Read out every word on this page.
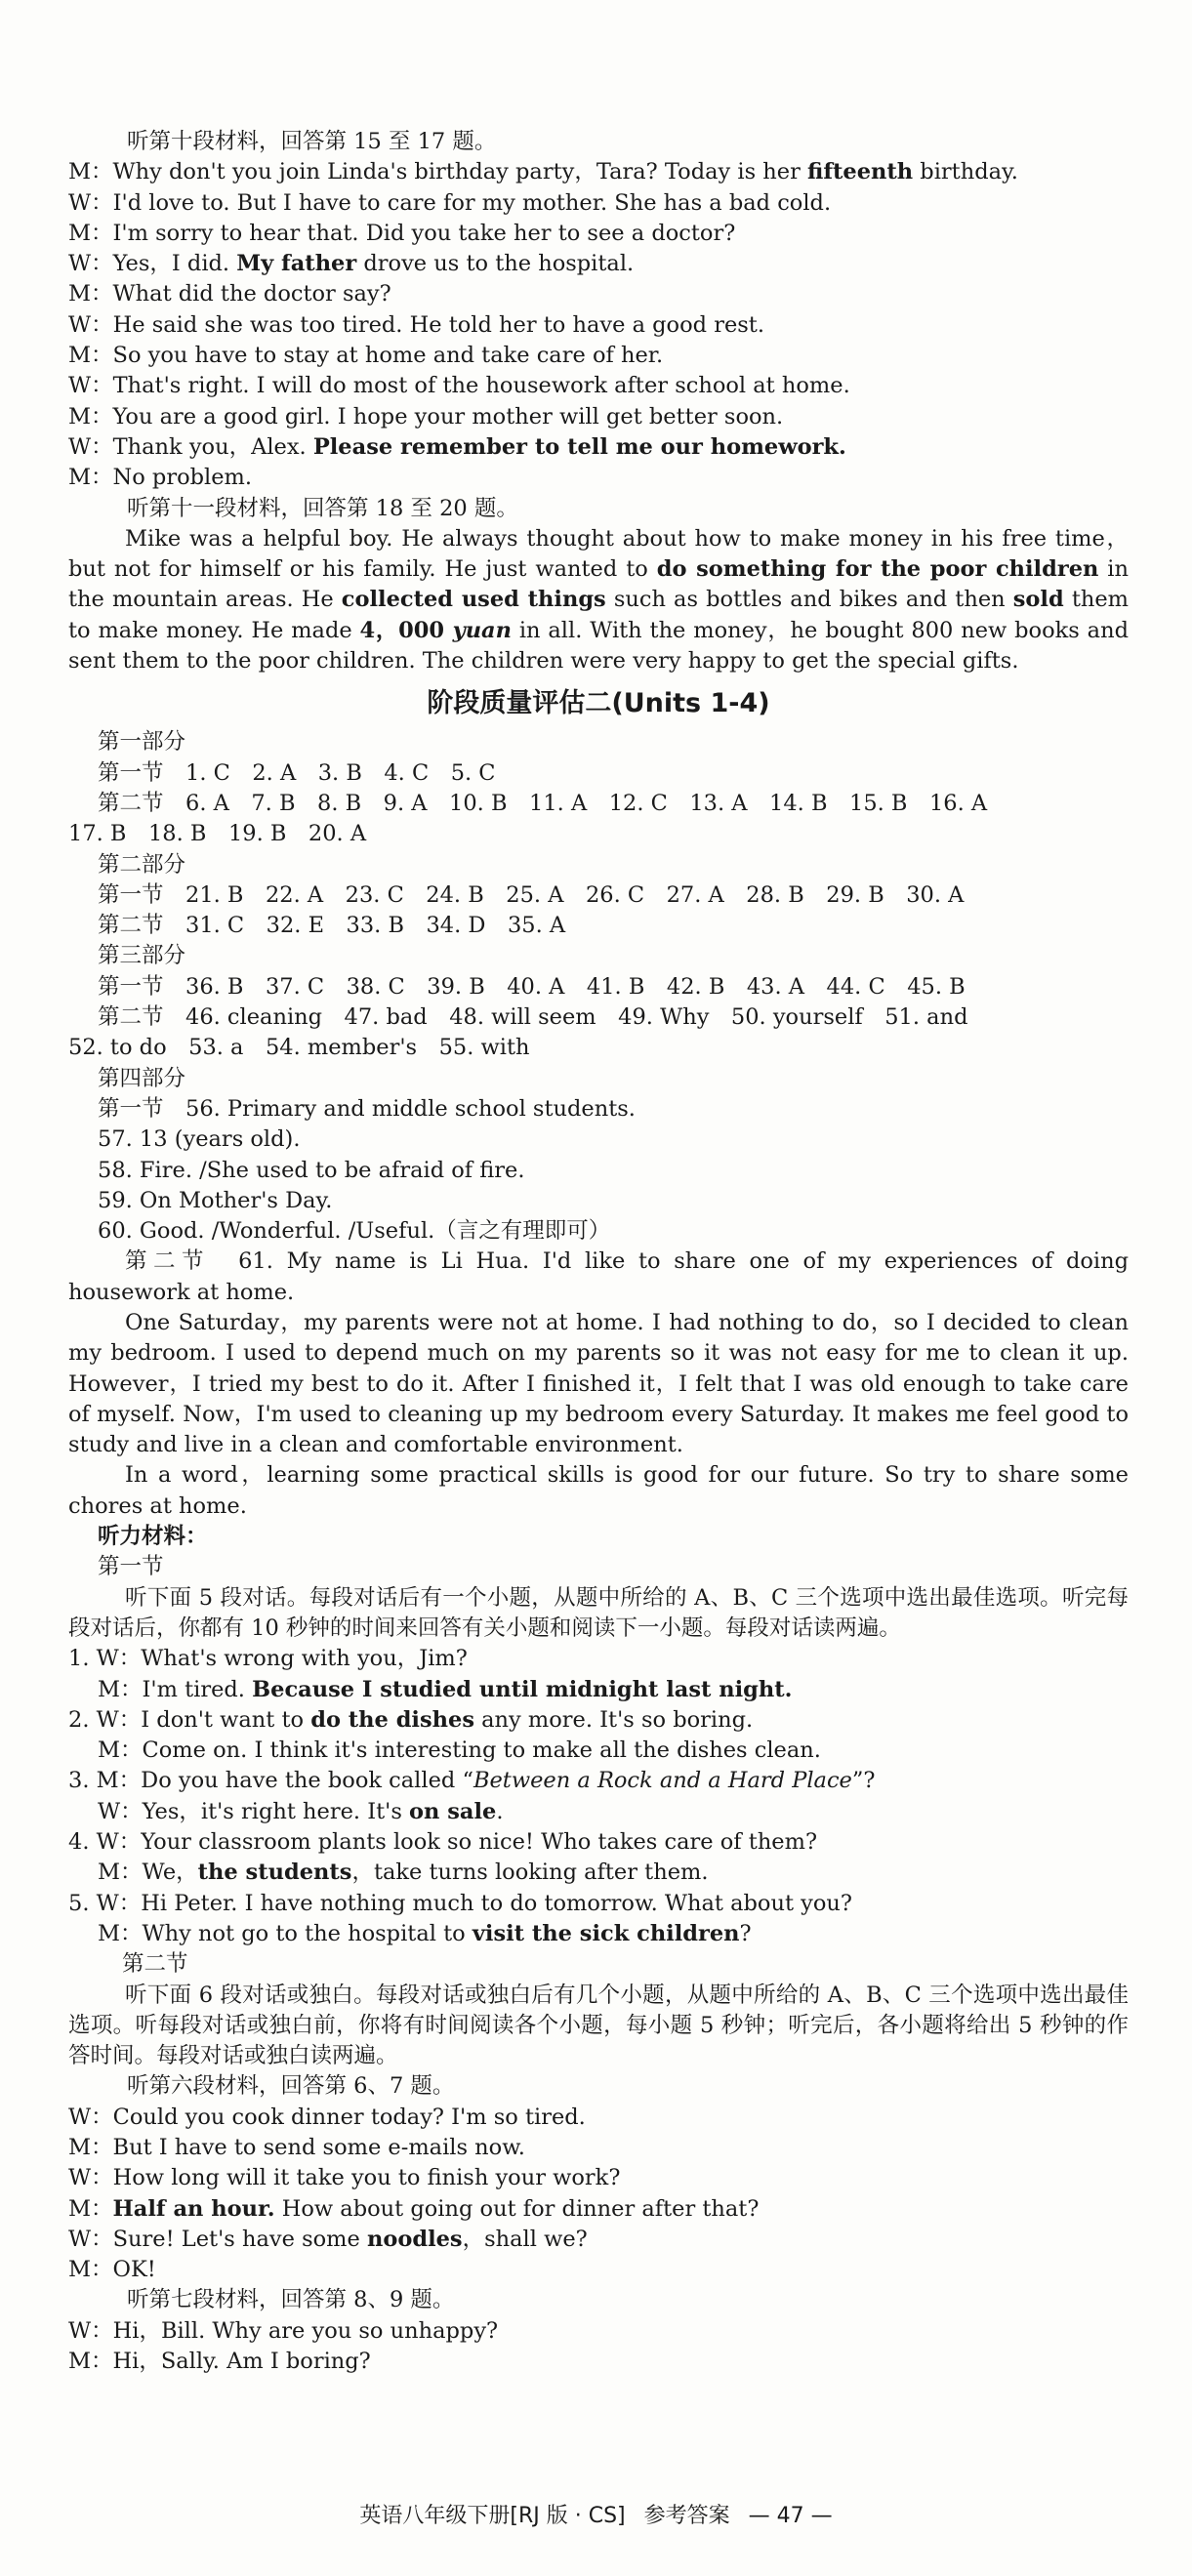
听第十段材料，回答第 15 至 17 题。

M：Why don't you join Linda's birthday party，Tara? Today is her fifteenth birthday.

W：I'd love to. But I have to care for my mother. She has a bad cold.

M：I'm sorry to hear that. Did you take her to see a doctor?

W：Yes，I did. My father drove us to the hospital.

M：What did the doctor say?

W：He said she was too tired. He told her to have a good rest.

M：So you have to stay at home and take care of her.

W：That's right. I will do most of the housework after school at home.

M：You are a good girl. I hope your mother will get better soon.

W：Thank you，Alex. Please remember to tell me our homework.

M：No problem.

听第十一段材料，回答第 18 至 20 题。

Mike was a helpful boy. He always thought about how to make money in his free time，but not for himself or his family. He just wanted to do something for the poor children in the mountain areas. He collected used things such as bottles and bikes and then sold them to make money. He made 4，000 yuan in all. With the money，he bought 800 new books and sent them to the poor children. The children were very happy to get the special gifts.

阶段质量评估二(Units 1-4)

第一部分

第一节　1. C　2. A　3. B　4. C　5. C

第二节　6. A　7. B　8. B　9. A　10. B　11. A　12. C　13. A　14. B　15. B　16. A

17. B　18. B　19. B　20. A

第二部分

第一节　21. B　22. A　23. C　24. B　25. A　26. C　27. A　28. B　29. B　30. A

第二节　31. C　32. E　33. B　34. D　35. A

第三部分

第一节　36. B　37. C　38. C　39. B　40. A　41. B　42. B　43. A　44. C　45. B

第二节　46. cleaning　47. bad　48. will seem　49. Why　50. yourself　51. and

52. to do　53. a　54. member's　55. with

第四部分

第一节　56. Primary and middle school students.

57. 13 (years old).

58. Fire. /She used to be afraid of fire.

59. On Mother's Day.

60. Good. /Wonderful. /Useful.（言之有理即可）

第二节　61. My name is Li Hua. I'd like to share one of my experiences of doing housework at home.

One Saturday，my parents were not at home. I had nothing to do，so I decided to clean my bedroom. I used to depend much on my parents so it was not easy for me to clean it up. However，I tried my best to do it. After I finished it，I felt that I was old enough to take care of myself. Now，I'm used to cleaning up my bedroom every Saturday. It makes me feel good to study and live in a clean and comfortable environment.

In a word，learning some practical skills is good for our future. So try to share some chores at home.

听力材料：

第一节

听下面 5 段对话。每段对话后有一个小题，从题中所给的 A、B、C 三个选项中选出最佳选项。听完每段对话后，你都有 10 秒钟的时间来回答有关小题和阅读下一小题。每段对话读两遍。

1. W：What's wrong with you，Jim?

M：I'm tired. Because I studied until midnight last night.

2. W：I don't want to do the dishes any more. It's so boring.

M：Come on. I think it's interesting to make all the dishes clean.

3. M：Do you have the book called “Between a Rock and a Hard Place”?

W：Yes，it's right here. It's on sale.

4. W：Your classroom plants look so nice! Who takes care of them?

M：We，the students，take turns looking after them.

5. W：Hi Peter. I have nothing much to do tomorrow. What about you?

M：Why not go to the hospital to visit the sick children?

第二节

听下面 6 段对话或独白。每段对话或独白后有几个小题，从题中所给的 A、B、C 三个选项中选出最佳选项。听每段对话或独白前，你将有时间阅读各个小题，每小题 5 秒钟；听完后，各小题将给出 5 秒钟的作答时间。每段对话或独白读两遍。

听第六段材料，回答第 6、7 题。

W：Could you cook dinner today? I'm so tired.

M：But I have to send some e-mails now.

W：How long will it take you to finish your work?

M：Half an hour. How about going out for dinner after that?

W：Sure! Let's have some noodles，shall we?

M：OK!

听第七段材料，回答第 8、9 题。

W：Hi，Bill. Why are you so unhappy?

M：Hi，Sally. Am I boring?

英语八年级下册[RJ 版 · CS] 参考答案 — 47 —
